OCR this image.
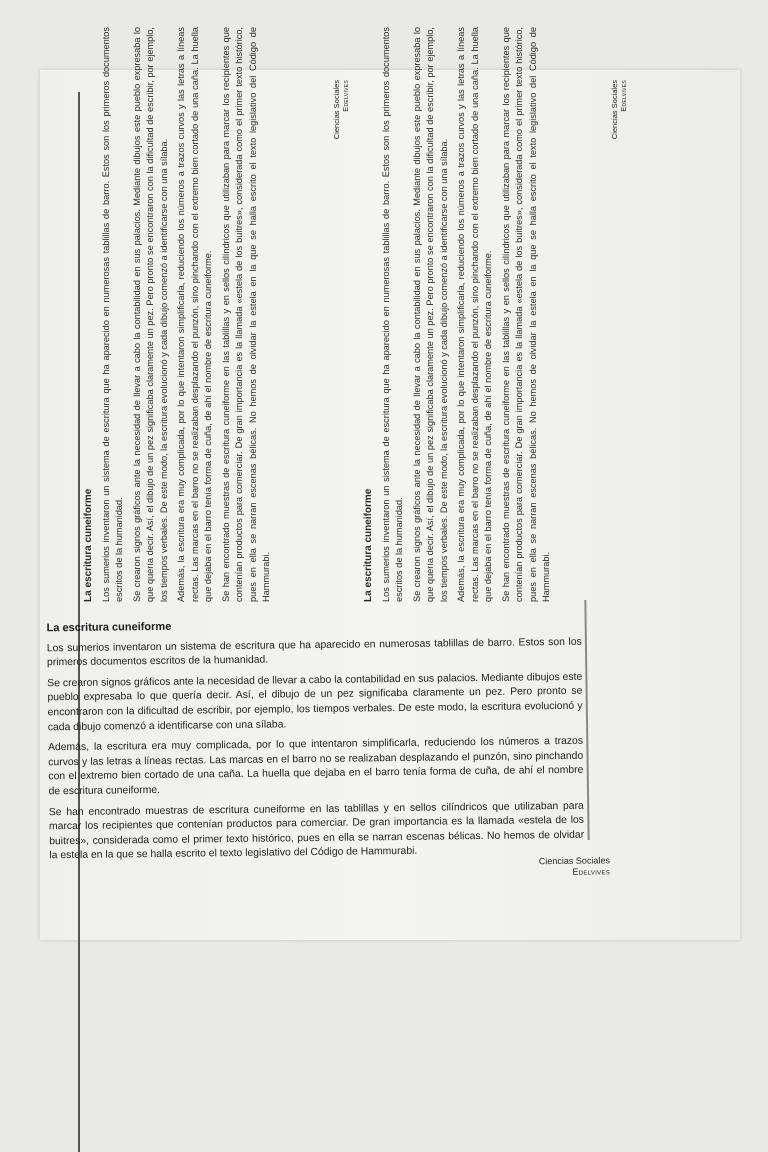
La escritura cuneiforme Los sumerios inventaron un sistema de escritura que ha aparecido en numerosas tablillas de barro. Estos son los primeros documentos escritos de la humanidad. Se crearon signos gráficos ante la necesidad de llevar a cabo la contabilidad en sus palacios. Mediante dibujos este pueblo expresaba lo que quería decir. Así, el dibujo de un pez significaba claramente un pez. Pero pronto se encontraron con la dificultad de escribir, por ejemplo, los tiempos verbales. De este modo, la escritura evolucionó y cada dibujo comenzó a identificarse con una sílaba. Además, la escritura era muy complicada, por lo que intentaron simplificarla, reduciendo los números a trazos curvos y las letras a líneas rectas. Las marcas en el barro no se realizaban desplazando el punzón, sino pinchando con el extremo bien cortado de una caña. La huella que dejaba en el barro tenía forma de cuña, de ahí el nombre de escritura cuneiforme. Se han encontrado muestras de escritura cuneiforme en las tablillas y en sellos cilíndricos que utilizaban para marcar los recipientes que contenían productos para comerciar. De gran importancia es la llamada «estela de los buitres», considerada como el primer texto histórico, pues en ella se narran escenas bélicas. No hemos de olvidar la estela en la que se halla escrito el texto legislativo del Código de Hammurabi.

Ciencias Sociales Edelvives
La escritura cuneiforme Los sumerios inventaron un sistema de escritura que ha aparecido en numerosas tablillas de barro. Estos son los primeros documentos escritos de la humanidad. Se crearon signos gráficos ante la necesidad de llevar a cabo la contabilidad en sus palacios. Mediante dibujos este pueblo expresaba lo que quería decir. Así, el dibujo de un pez significaba claramente un pez. Pero pronto se encontraron con la dificultad de escribir, por ejemplo, los tiempos verbales. De este modo, la escritura evolucionó y cada dibujo comenzó a identificarse con una sílaba. Además, la escritura era muy complicada, por lo que intentaron simplificarla, reduciendo los números a trazos curvos y las letras a líneas rectas. Las marcas en el barro no se realizaban desplazando el punzón, sino pinchando con el extremo bien cortado de una caña. La huella que dejaba en el barro tenía forma de cuña, de ahí el nombre de escritura cuneiforme. Se han encontrado muestras de escritura cuneiforme en las tablillas y en sellos cilíndricos que utilizaban para marcar los recipientes que contenían productos para comerciar. De gran importancia es la llamada «estela de los buitres», considerada como el primer texto histórico, pues en ella se narran escenas bélicas. No hemos de olvidar la estela en la que se halla escrito el texto legislativo del Código de Hammurabi.

Ciencias Sociales Edelvives
La escritura cuneiforme

Los sumerios inventaron un sistema de escritura que ha aparecido en numerosas tablillas de barro. Estos son los primeros documentos escritos de la humanidad.

Se crearon signos gráficos ante la necesidad de llevar a cabo la contabilidad en sus palacios. Mediante dibujos este pueblo expresaba lo que quería decir. Así, el dibujo de un pez significaba claramente un pez. Pero pronto se encontraron con la dificultad de escribir, por ejemplo, los tiempos verbales. De este modo, la escritura evolucionó y cada dibujo comenzó a identificarse con una sílaba.

Además, la escritura era muy complicada, por lo que intentaron simplificarla, reduciendo los números a trazos curvos y las letras a líneas rectas. Las marcas en el barro no se realizaban desplazando el punzón, sino pinchando con el extremo bien cortado de una caña. La huella que dejaba en el barro tenía forma de cuña, de ahí el nombre de escritura cuneiforme.

Se han encontrado muestras de escritura cuneiforme en las tablillas y en sellos cilíndricos que utilizaban para marcar los recipientes que contenían productos para comerciar. De gran importancia es la llamada «estela de los buitres», considerada como el primer texto histórico, pues en ella se narran escenas bélicas. No hemos de olvidar la estela en la que se halla escrito el texto legislativo del Código de Hammurabi.	Ciencias Sociales
Edelvives
